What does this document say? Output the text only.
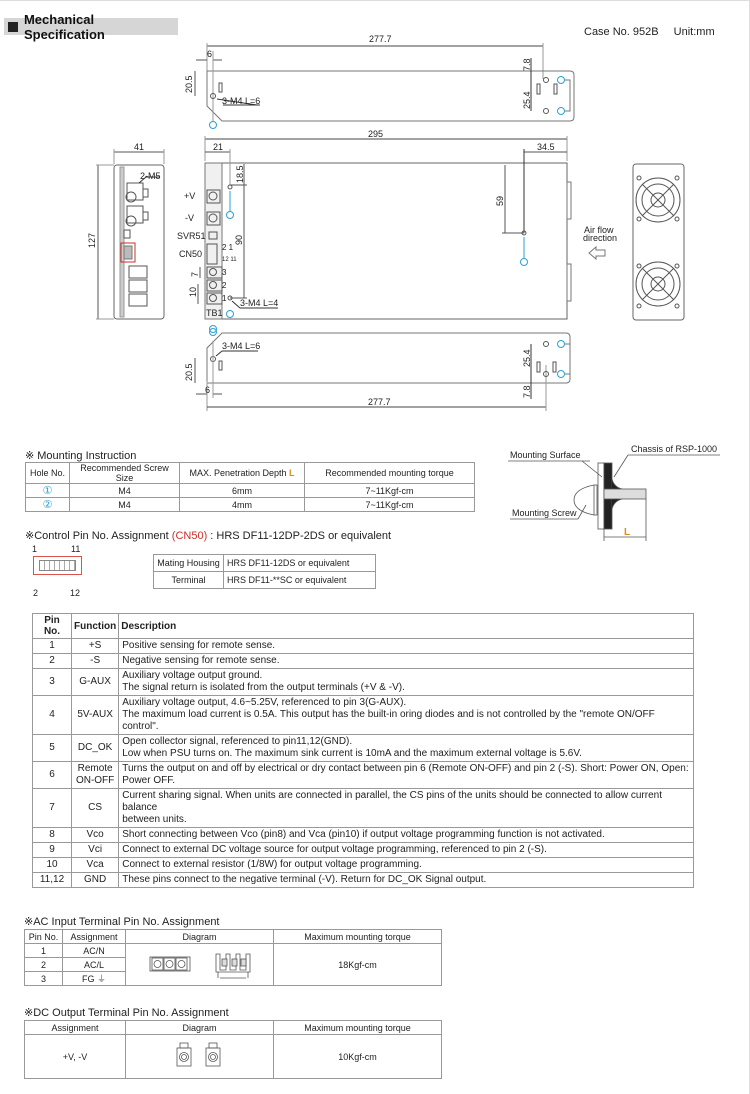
Mechanical Specification	Case No. 952B Unit:mm
277.7
6
20.5
3-M4 L=6
7.8
25.4
295
21	34.5
18.5
90
59
+V
-V
SVR51
CN50
TB1
2 1
12 11
3
2
1
7
10
3-M4 L=4
41
127
2-M5
Air flow
direction
20.5
6
3-M4 L=6
277.7
25.4
7.8
※ Mounting Instruction
Hole No.	Recommended Screw Size	MAX. Penetration Depth L	Recommended mounting torque
①	M4	6mm	7~11Kgf-cm
②	M4	4mm	7~11Kgf-cm
Mounting Surface
Chassis of RSP-1000
Mounting Screw
L
※Control Pin No. Assignment (CN50) : HRS DF11-12DP-2DS or equivalent
1	11
2	12
Mating Housing	HRS DF11-12DS or equivalent
Terminal	HRS DF11-**SC or equivalent
Pin No.	Function	Description
1	+S	Positive sensing for remote sense.
2	-S	Negative sensing for remote sense.
3	G-AUX	Auxiliary voltage output ground.
The signal return is isolated from the output terminals (+V & -V).

4	5V-AUX	Auxiliary voltage output, 4.6~5.25V, referenced to pin 3(G-AUX).
The maximum load current is 0.5A. This output has the built-in oring diodes and is not controlled by the "remote ON/OFF control".

5	DC_OK	Open collector signal, referenced to pin11,12(GND).
Low when PSU turns on. The maximum sink current is 10mA and the maximum external voltage is 5.6V.

6	Remote
ON-OFF	Turns the output on and off by electrical or dry contact between pin 6 (Remote ON-OFF) and pin 2 (-S). Short: Power ON, Open: Power OFF.
7	CS	Current sharing signal. When units are connected in parallel, the CS pins of the units should be connected to allow current balance
between units.

8	Vco	Short connecting between Vco (pin8) and Vca (pin10) if output voltage programming function is not activated.
9	Vci	Connect to external DC voltage source for output voltage programming, referenced to pin 2 (-S).
10	Vca	Connect to external resistor (1/8W) for output voltage programming.
11,12	GND	These pins connect to the negative terminal (-V). Return for DC_OK Signal output.
※AC Input Terminal Pin No. Assignment
Pin No.	Assignment	Diagram	Maximum mounting torque
1	AC/N		18Kgf-cm
2	AC/L		
3	FG ⏚		
※DC Output Terminal Pin No. Assignment
Assignment	Diagram	Maximum mounting torque
+V, -V		10Kgf-cm
